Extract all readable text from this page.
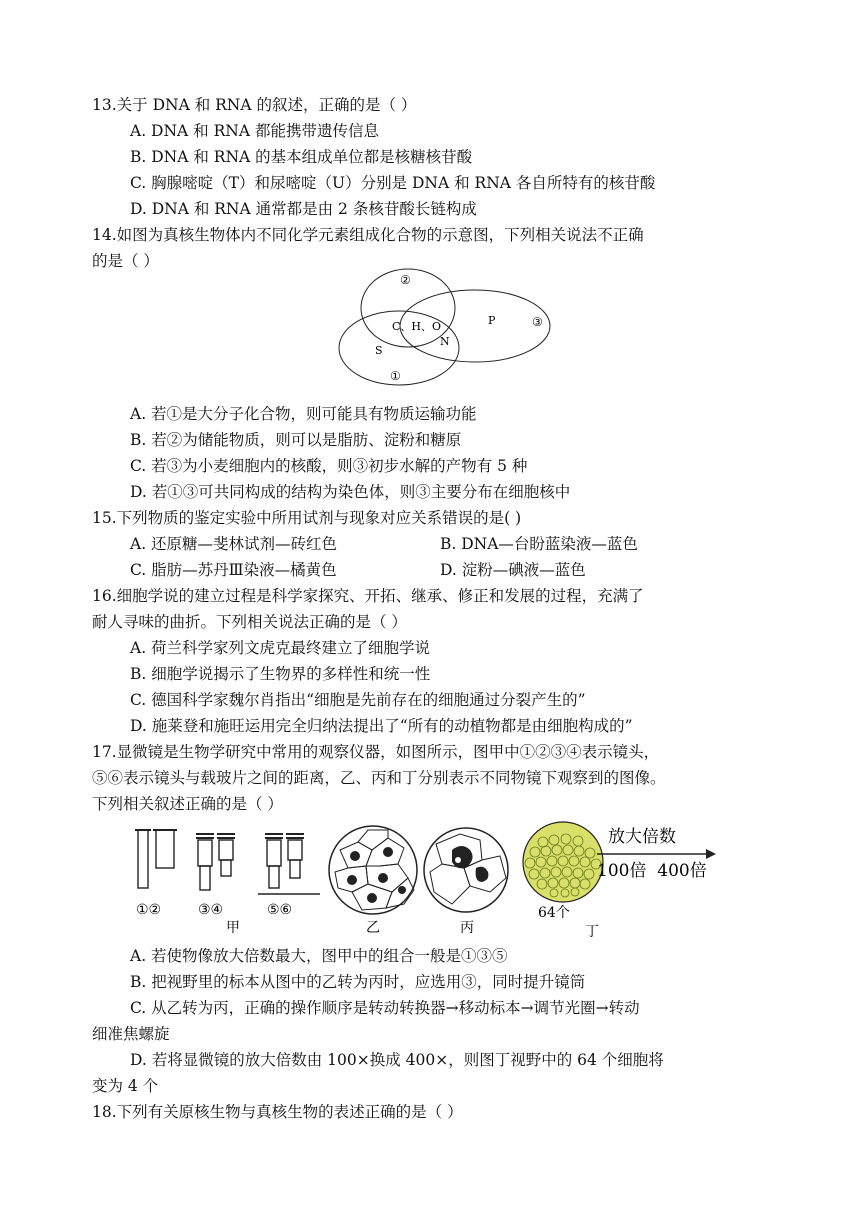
13.关于 DNA 和 RNA 的叙述，正确的是（ ）
A. DNA 和 RNA 都能携带遗传信息
B. DNA 和 RNA 的基本组成单位都是核糖核苷酸
C. 胸腺嘧啶（T）和尿嘧啶（U）分别是 DNA 和 RNA 各自所特有的核苷酸
D. DNA 和 RNA 通常都是由 2 条核苷酸长链构成
14.如图为真核生物体内不同化学元素组成化合物的示意图，下列相关说法不正确
的是（ ）
②
③
①
C、H、O
N
P
S
A. 若①是大分子化合物，则可能具有物质运输功能
B. 若②为储能物质，则可以是脂肪、淀粉和糖原
C. 若③为小麦细胞内的核酸，则③初步水解的产物有 5 种
D. 若①③可共同构成的结构为染色体，则③主要分布在细胞核中
15.下列物质的鉴定实验中所用试剂与现象对应关系错误的是( )
A. 还原糖—斐林试剂—砖红色	B. DNA—台盼蓝染液—蓝色
C. 脂肪—苏丹Ⅲ染液—橘黄色	D. 淀粉—碘液—蓝色
16.细胞学说的建立过程是科学家探究、开拓、继承、修正和发展的过程，充满了
耐人寻味的曲折。下列相关说法正确的是（ ）
A. 荷兰科学家列文虎克最终建立了细胞学说
B. 细胞学说揭示了生物界的多样性和统一性
C. 德国科学家魏尔肖指出“细胞是先前存在的细胞通过分裂产生的”
D. 施莱登和施旺运用完全归纳法提出了“所有的动植物都是由细胞构成的”
17.显微镜是生物学研究中常用的观察仪器，如图所示，图甲中①②③④表示镜头，
⑤⑥表示镜头与载玻片之间的距离，乙、丙和丁分别表示不同物镜下观察到的图像。
下列相关叙述正确的是（ ）
①②	③④
甲
⑤⑥
乙	丙
64个
丁
放大倍数
100倍  400倍
A. 若使物像放大倍数最大，图甲中的组合一般是①③⑤
B. 把视野里的标本从图中的乙转为丙时，应选用③，同时提升镜筒
C. 从乙转为丙，正确的操作顺序是转动转换器→移动标本→调节光圈→转动
细准焦螺旋
D. 若将显微镜的放大倍数由 100×换成 400×，则图丁视野中的 64 个细胞将
变为 4 个
18.下列有关原核生物与真核生物的表述正确的是（ ）
